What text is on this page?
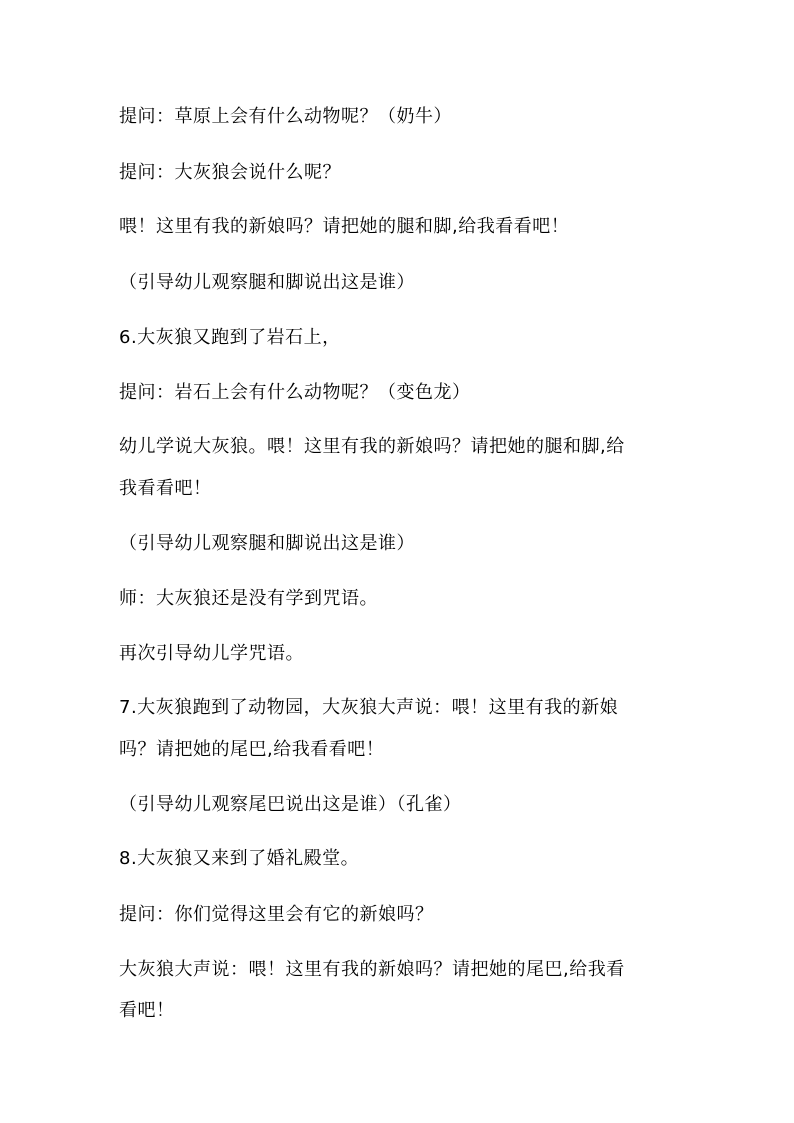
提问：草原上会有什么动物呢？（奶牛）
提问：大灰狼会说什么呢？
喂！这里有我的新娘吗？请把她的腿和脚,给我看看吧！
（引导幼儿观察腿和脚说出这是谁）
6.大灰狼又跑到了岩石上，
提问：岩石上会有什么动物呢？（变色龙）
幼儿学说大灰狼。喂！这里有我的新娘吗？请把她的腿和脚,给
我看看吧！
（引导幼儿观察腿和脚说出这是谁）
师：大灰狼还是没有学到咒语。
再次引导幼儿学咒语。
7.大灰狼跑到了动物园，大灰狼大声说：喂！这里有我的新娘
吗？请把她的尾巴,给我看看吧！
（引导幼儿观察尾巴说出这是谁）（孔雀）
8.大灰狼又来到了婚礼殿堂。
提问：你们觉得这里会有它的新娘吗？
大灰狼大声说：喂！这里有我的新娘吗？请把她的尾巴,给我看
看吧！
